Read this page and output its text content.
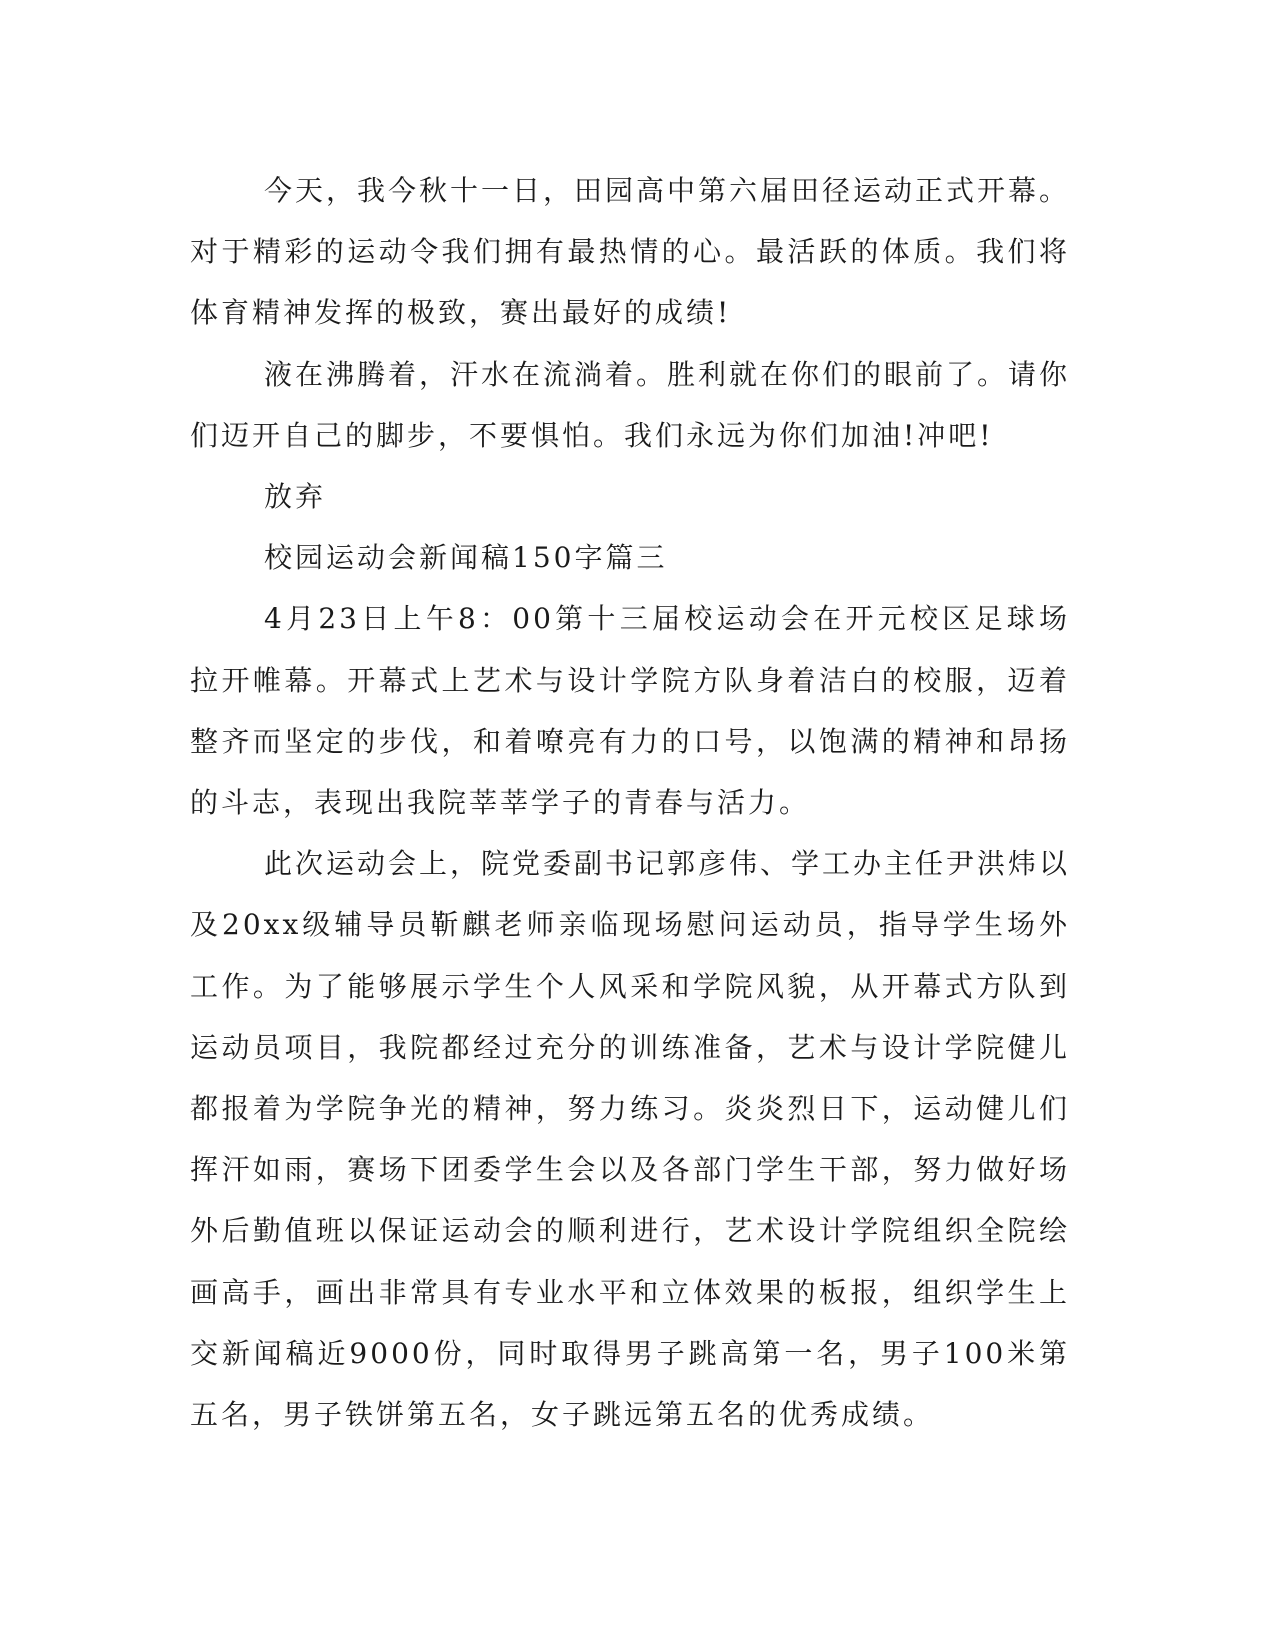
今天，我今秋十一日，田园高中第六届田径运动正式开幕。对于精彩的运动令我们拥有最热情的心。最活跃的体质。我们将体育精神发挥的极致，赛出最好的成绩!

液在沸腾着，汗水在流淌着。胜利就在你们的眼前了。请你们迈开自己的脚步，不要惧怕。我们永远为你们加油!冲吧!

放弃

校园运动会新闻稿150字篇三

4月23日上午8：00第十三届校运动会在开元校区足球场拉开帷幕。开幕式上艺术与设计学院方队身着洁白的校服，迈着整齐而坚定的步伐，和着嘹亮有力的口号，以饱满的精神和昂扬的斗志，表现出我院莘莘学子的青春与活力。

此次运动会上，院党委副书记郭彦伟、学工办主任尹洪炜以及20xx级辅导员靳麒老师亲临现场慰问运动员，指导学生场外工作。为了能够展示学生个人风采和学院风貌，从开幕式方队到运动员项目，我院都经过充分的训练准备，艺术与设计学院健儿都报着为学院争光的精神，努力练习。炎炎烈日下，运动健儿们挥汗如雨，赛场下团委学生会以及各部门学生干部，努力做好场外后勤值班以保证运动会的顺利进行，艺术设计学院组织全院绘画高手，画出非常具有专业水平和立体效果的板报，组织学生上交新闻稿近9000份，同时取得男子跳高第一名，男子100米第五名，男子铁饼第五名，女子跳远第五名的优秀成绩。
